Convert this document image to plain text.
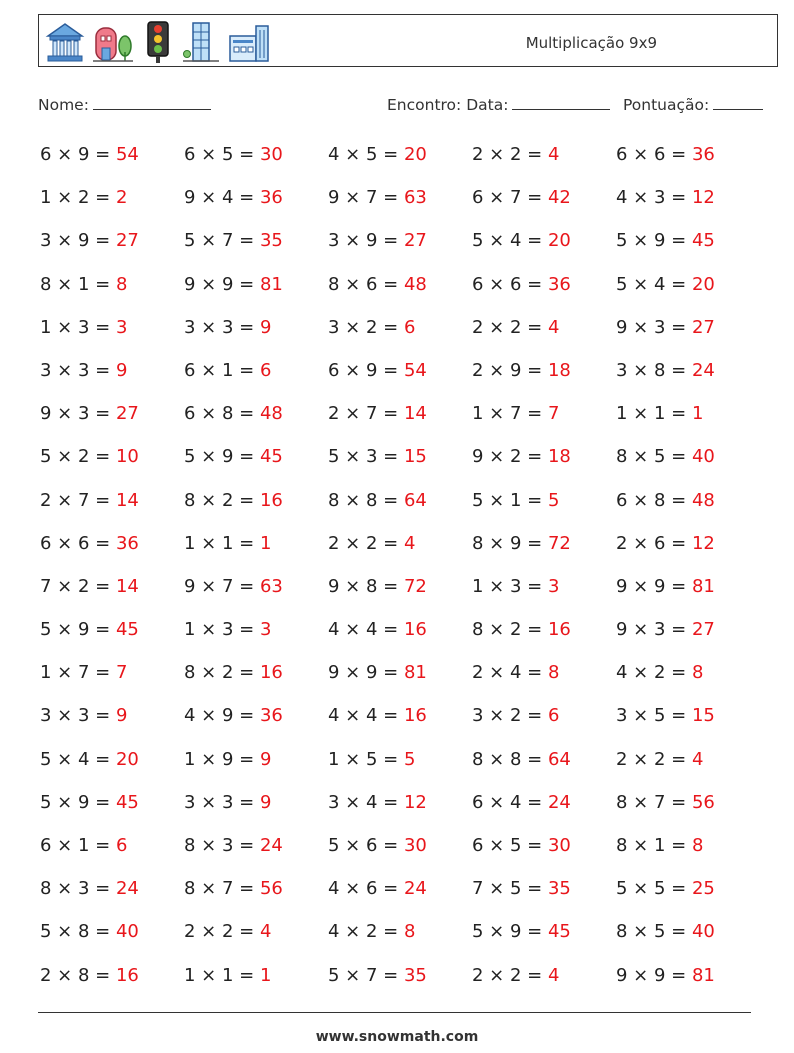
Multiplicação 9x9
Nome:	Encontro: Data:	Pontuação:
6 × 9 = 54	6 × 5 = 30	4 × 5 = 20	2 × 2 = 4	6 × 6 = 36
1 × 2 = 2	9 × 4 = 36	9 × 7 = 63	6 × 7 = 42	4 × 3 = 12
3 × 9 = 27	5 × 7 = 35	3 × 9 = 27	5 × 4 = 20	5 × 9 = 45
8 × 1 = 8	9 × 9 = 81	8 × 6 = 48	6 × 6 = 36	5 × 4 = 20
1 × 3 = 3	3 × 3 = 9	3 × 2 = 6	2 × 2 = 4	9 × 3 = 27
3 × 3 = 9	6 × 1 = 6	6 × 9 = 54	2 × 9 = 18	3 × 8 = 24
9 × 3 = 27	6 × 8 = 48	2 × 7 = 14	1 × 7 = 7	1 × 1 = 1
5 × 2 = 10	5 × 9 = 45	5 × 3 = 15	9 × 2 = 18	8 × 5 = 40
2 × 7 = 14	8 × 2 = 16	8 × 8 = 64	5 × 1 = 5	6 × 8 = 48
6 × 6 = 36	1 × 1 = 1	2 × 2 = 4	8 × 9 = 72	2 × 6 = 12
7 × 2 = 14	9 × 7 = 63	9 × 8 = 72	1 × 3 = 3	9 × 9 = 81
5 × 9 = 45	1 × 3 = 3	4 × 4 = 16	8 × 2 = 16	9 × 3 = 27
1 × 7 = 7	8 × 2 = 16	9 × 9 = 81	2 × 4 = 8	4 × 2 = 8
3 × 3 = 9	4 × 9 = 36	4 × 4 = 16	3 × 2 = 6	3 × 5 = 15
5 × 4 = 20	1 × 9 = 9	1 × 5 = 5	8 × 8 = 64	2 × 2 = 4
5 × 9 = 45	3 × 3 = 9	3 × 4 = 12	6 × 4 = 24	8 × 7 = 56
6 × 1 = 6	8 × 3 = 24	5 × 6 = 30	6 × 5 = 30	8 × 1 = 8
8 × 3 = 24	8 × 7 = 56	4 × 6 = 24	7 × 5 = 35	5 × 5 = 25
5 × 8 = 40	2 × 2 = 4	4 × 2 = 8	5 × 9 = 45	8 × 5 = 40
2 × 8 = 16	1 × 1 = 1	5 × 7 = 35	2 × 2 = 4	9 × 9 = 81
www.snowmath.com
